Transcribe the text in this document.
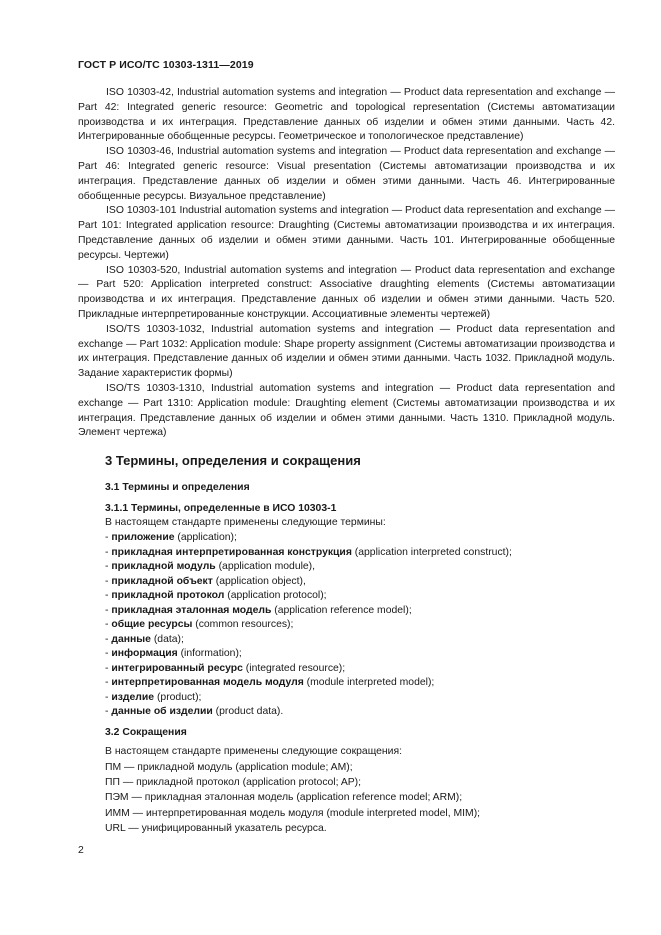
ГОСТ Р ИСО/ТС 10303-1311—2019

ISO 10303-42, Industrial automation systems and integration — Product data representation and exchange — Part 42: Integrated generic resource: Geometric and topological representation (Системы автоматизации производства и их интеграция. Представление данных об изделии и обмен этими данными. Часть 42. Интегрированные обобщенные ресурсы. Геометрическое и топологическое представление)

ISO 10303-46, Industrial automation systems and integration — Product data representation and exchange — Part 46: Integrated generic resource: Visual presentation (Системы автоматизации производства и их интеграция. Представление данных об изделии и обмен этими данными. Часть 46. Интегрированные обобщенные ресурсы. Визуальное представление)

ISO 10303-101 Industrial automation systems and integration — Product data representation and exchange — Part 101: Integrated application resource: Draughting (Системы автоматизации производства и их интеграция. Представление данных об изделии и обмен этими данными. Часть 101. Интегрированные обобщенные ресурсы. Чертежи)

ISO 10303-520, Industrial automation systems and integration — Product data representation and exchange — Part 520: Application interpreted construct: Associative draughting elements (Системы автоматизации производства и их интеграция. Представление данных об изделии и обмен этими данными. Часть 520. Прикладные интерпретированные конструкции. Ассоциативные элементы чертежей)

ISO/TS 10303-1032, Industrial automation systems and integration — Product data representation and exchange — Part 1032: Application module: Shape property assignment (Системы автоматизации производства и их интеграция. Представление данных об изделии и обмен этими данными. Часть 1032. Прикладной модуль. Задание характеристик формы)

ISO/TS 10303-1310, Industrial automation systems and integration — Product data representation and exchange — Part 1310: Application module: Draughting element (Системы автоматизации производства и их интеграция. Представление данных об изделии и обмен этими данными. Часть 1310. Прикладной модуль. Элемент чертежа)

3 Термины, определения и сокращения
3.1 Термины и определения
3.1.1 Термины, определенные в ИСО 10303-1
В настоящем стандарте применены следующие термины:
- приложение (application);
- прикладная интерпретированная конструкция (application interpreted construct);
- прикладной модуль (application module),
- прикладной объект (application object),
- прикладной протокол (application protocol);
- прикладная эталонная модель (application reference model);
- общие ресурсы (common resources);
- данные (data);
- информация (information);
- интегрированный ресурс (integrated resource);
- интерпретированная модель модуля (module interpreted model);
- изделие (product);
- данные об изделии (product data).
3.2 Сокращения
В настоящем стандарте применены следующие сокращения:
ПМ — прикладной модуль (application module; AM);
ПП — прикладной протокол (application protocol; AP);
ПЭМ — прикладная эталонная модель (application reference model; ARM);
ИММ — интерпретированная модель модуля (module interpreted model, MIM);
URL — унифицированный указатель ресурса.
2
